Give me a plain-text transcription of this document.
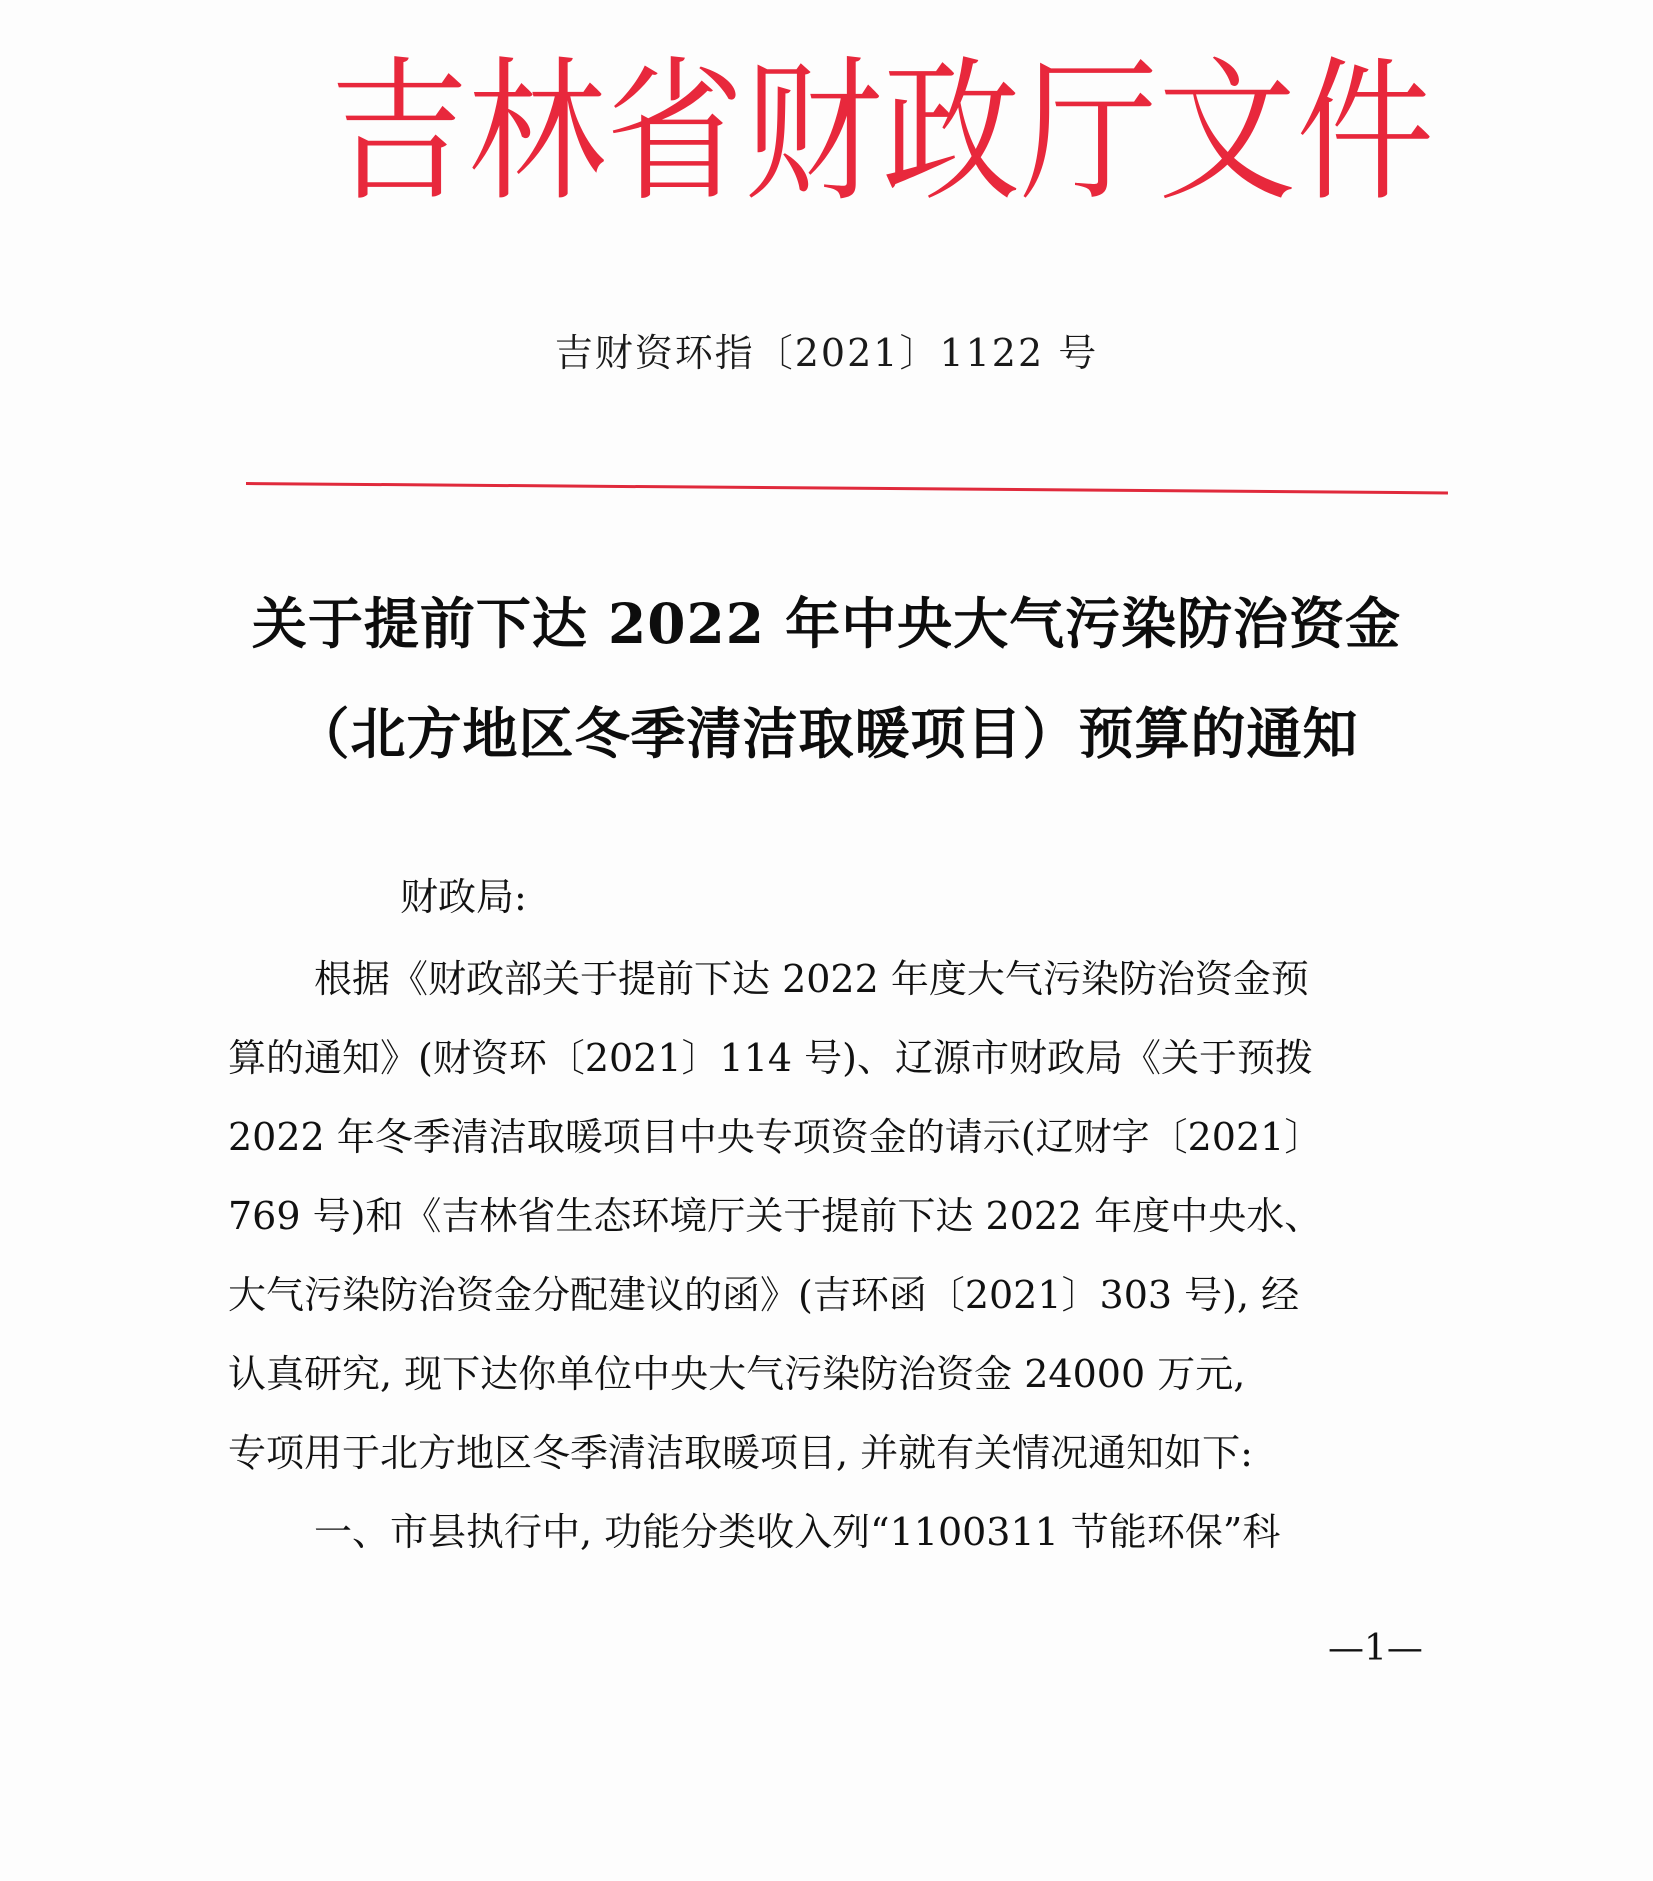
吉 林 省 财 政 厅 文 件
吉财资环指〔2021〕1122 号
关于提前下达 2022 年中央大气污染防治资金
（北方地区冬季清洁取暖项目）预算的通知
财政局:
根据《财政部关于提前下达 2022 年度大气污染防治资金预
算的通知》(财资环〔2021〕114 号)、辽源市财政局《关于预拨
2022 年冬季清洁取暖项目中央专项资金的请示(辽财字〔2021〕
769 号)和《吉林省生态环境厅关于提前下达 2022 年度中央水、
大气污染防治资金分配建议的函》(吉环函〔2021〕303 号), 经
认真研究, 现下达你单位中央大气污染防治资金 24000 万元,
专项用于北方地区冬季清洁取暖项目, 并就有关情况通知如下:
一、市县执行中, 功能分类收入列“1100311 节能环保”科
—1—
